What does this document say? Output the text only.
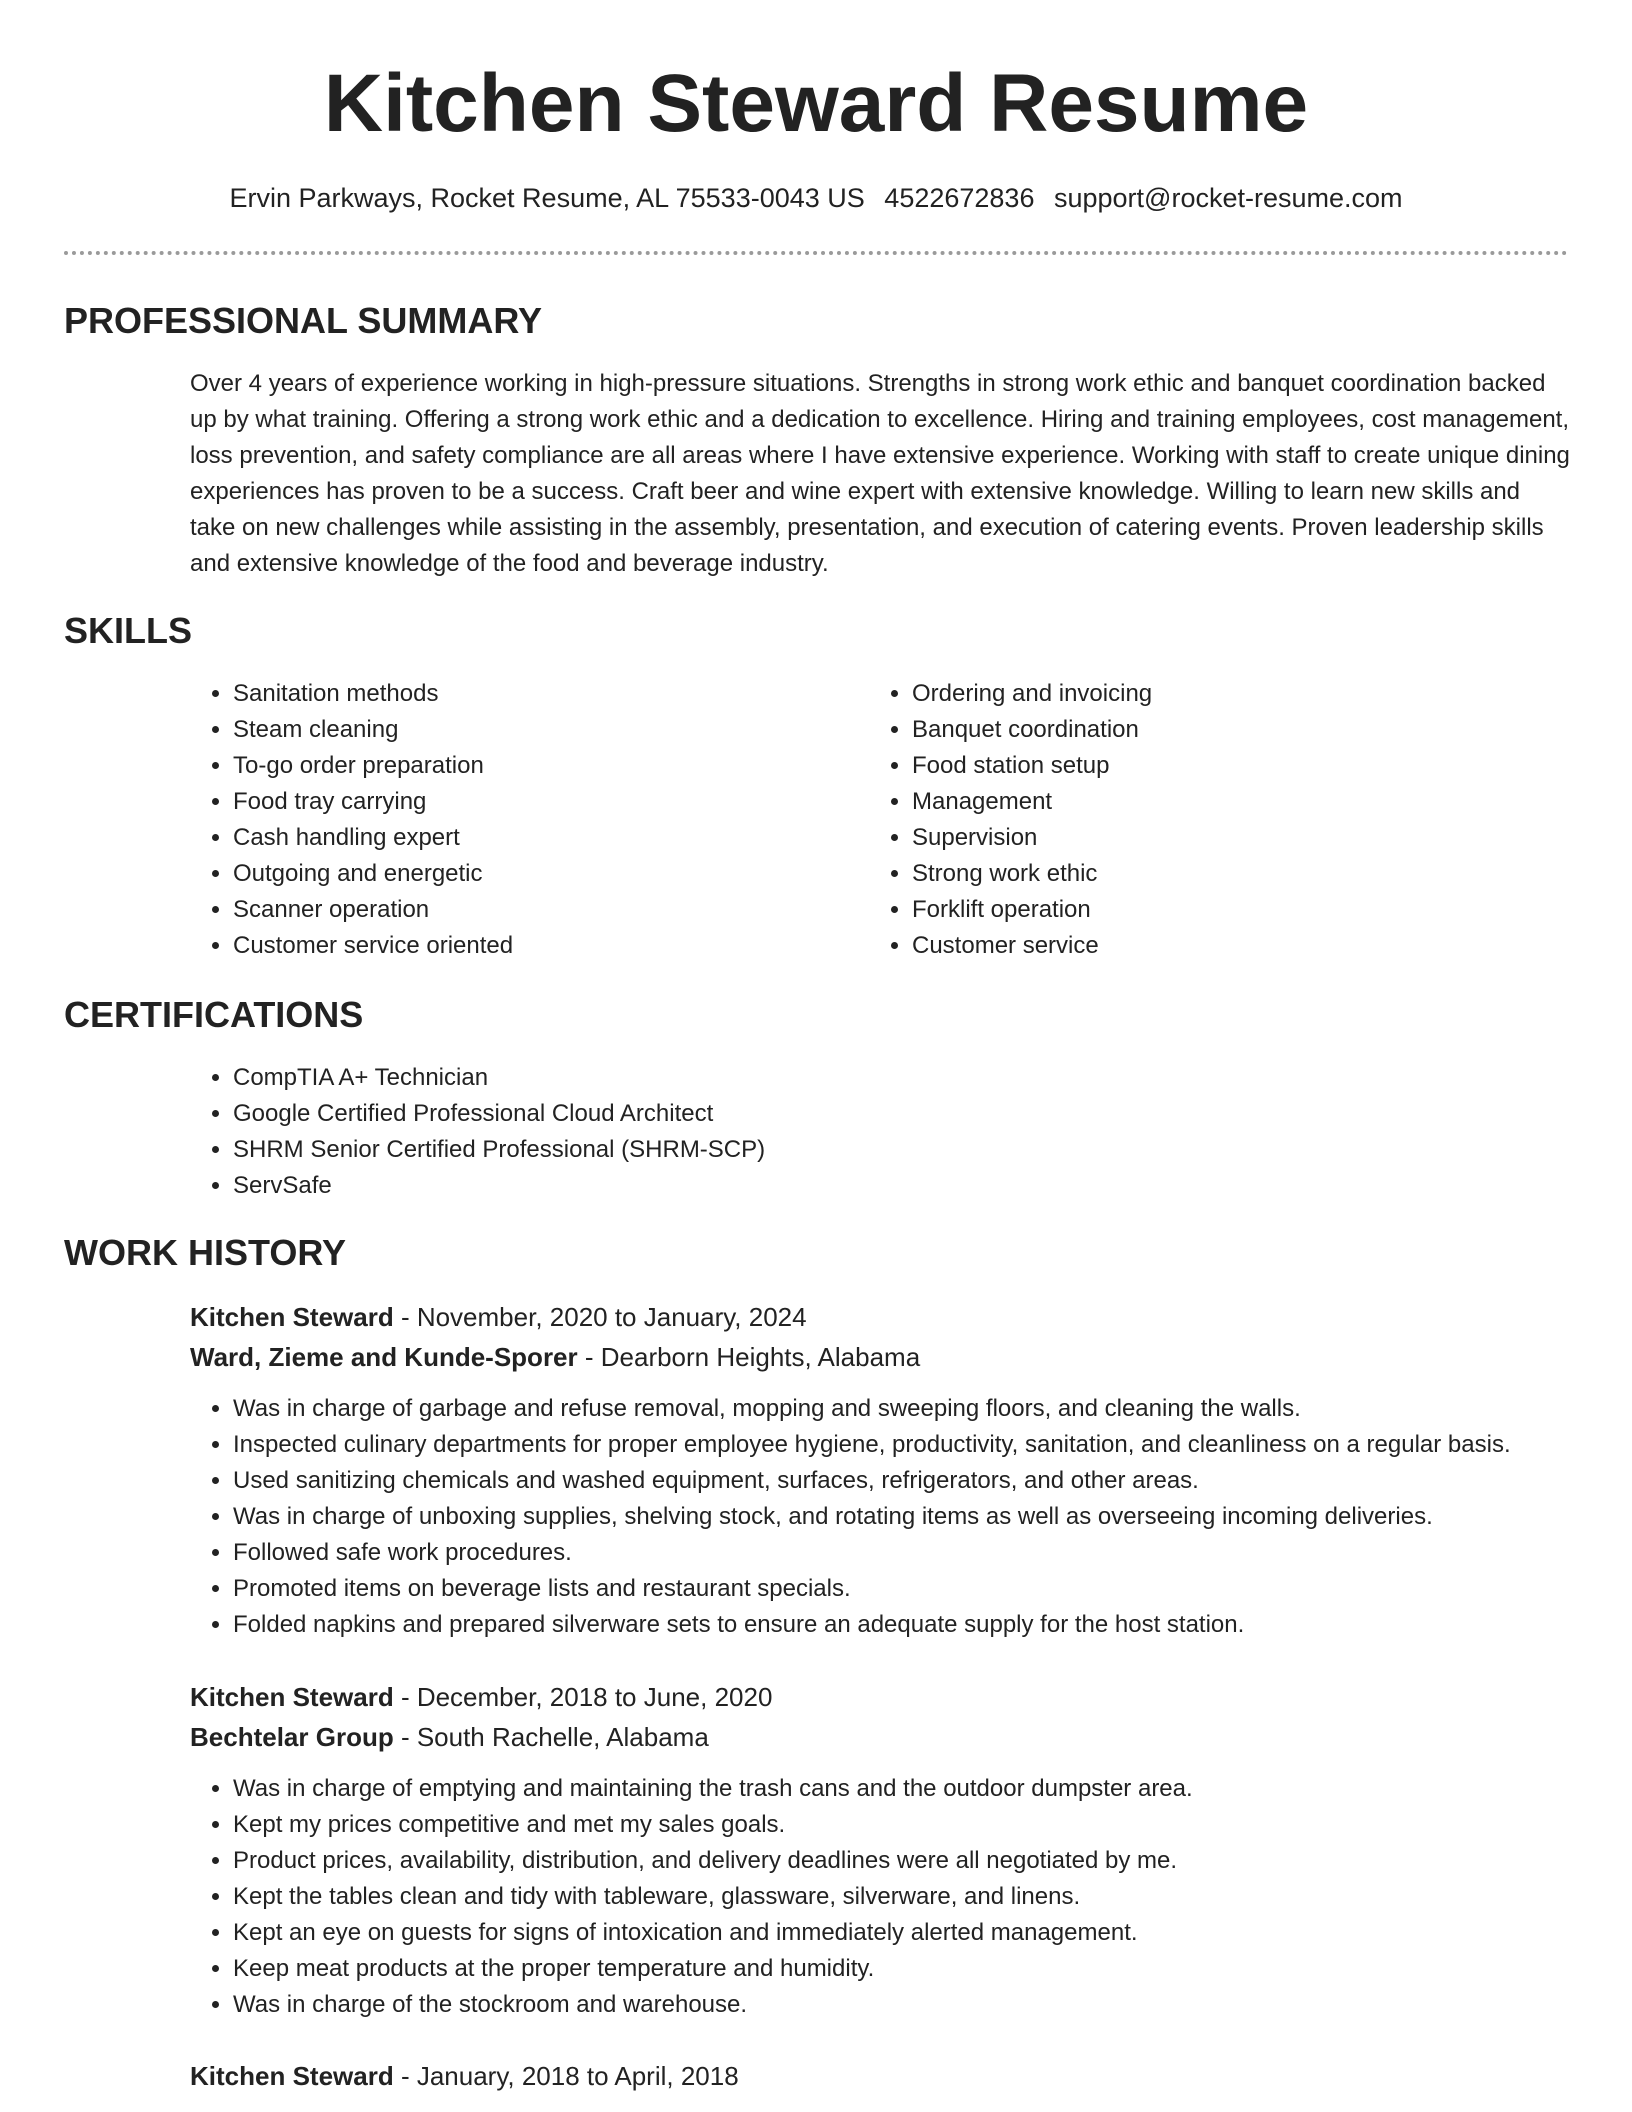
Kitchen Steward Resume
Ervin Parkways, Rocket Resume, AL 75533-0043 US 4522672836 support@rocket-resume.com
PROFESSIONAL SUMMARY

Over 4 years of experience working in high-pressure situations. Strengths in strong work ethic and banquet coordination backed up by what training. Offering a strong work ethic and a dedication to excellence. Hiring and training employees, cost management, loss prevention, and safety compliance are all areas where I have extensive experience. Working with staff to create unique dining experiences has proven to be a success. Craft beer and wine expert with extensive knowledge. Willing to learn new skills and take on new challenges while assisting in the assembly, presentation, and execution of catering events. Proven leadership skills and extensive knowledge of the food and beverage industry.

SKILLS
• Sanitation methods
• Steam cleaning
• To-go order preparation
• Food tray carrying
• Cash handling expert
• Outgoing and energetic
• Scanner operation
• Customer service oriented
• Ordering and invoicing
• Banquet coordination
• Food station setup
• Management
• Supervision
• Strong work ethic
• Forklift operation
• Customer service
CERTIFICATIONS
• CompTIA A+ Technician
• Google Certified Professional Cloud Architect
• SHRM Senior Certified Professional (SHRM-SCP)
• ServSafe
WORK HISTORY
Kitchen Steward - November, 2020 to January, 2024
Ward, Zieme and Kunde-Sporer - Dearborn Heights, Alabama
• Was in charge of garbage and refuse removal, mopping and sweeping floors, and cleaning the walls.
• Inspected culinary departments for proper employee hygiene, productivity, sanitation, and cleanliness on a regular basis.
• Used sanitizing chemicals and washed equipment, surfaces, refrigerators, and other areas.
• Was in charge of unboxing supplies, shelving stock, and rotating items as well as overseeing incoming deliveries.
• Followed safe work procedures.
• Promoted items on beverage lists and restaurant specials.
• Folded napkins and prepared silverware sets to ensure an adequate supply for the host station.
Kitchen Steward - December, 2018 to June, 2020
Bechtelar Group - South Rachelle, Alabama
• Was in charge of emptying and maintaining the trash cans and the outdoor dumpster area.
• Kept my prices competitive and met my sales goals.
• Product prices, availability, distribution, and delivery deadlines were all negotiated by me.
• Kept the tables clean and tidy with tableware, glassware, silverware, and linens.
• Kept an eye on guests for signs of intoxication and immediately alerted management.
• Keep meat products at the proper temperature and humidity.
• Was in charge of the stockroom and warehouse.
Kitchen Steward - January, 2018 to April, 2018
